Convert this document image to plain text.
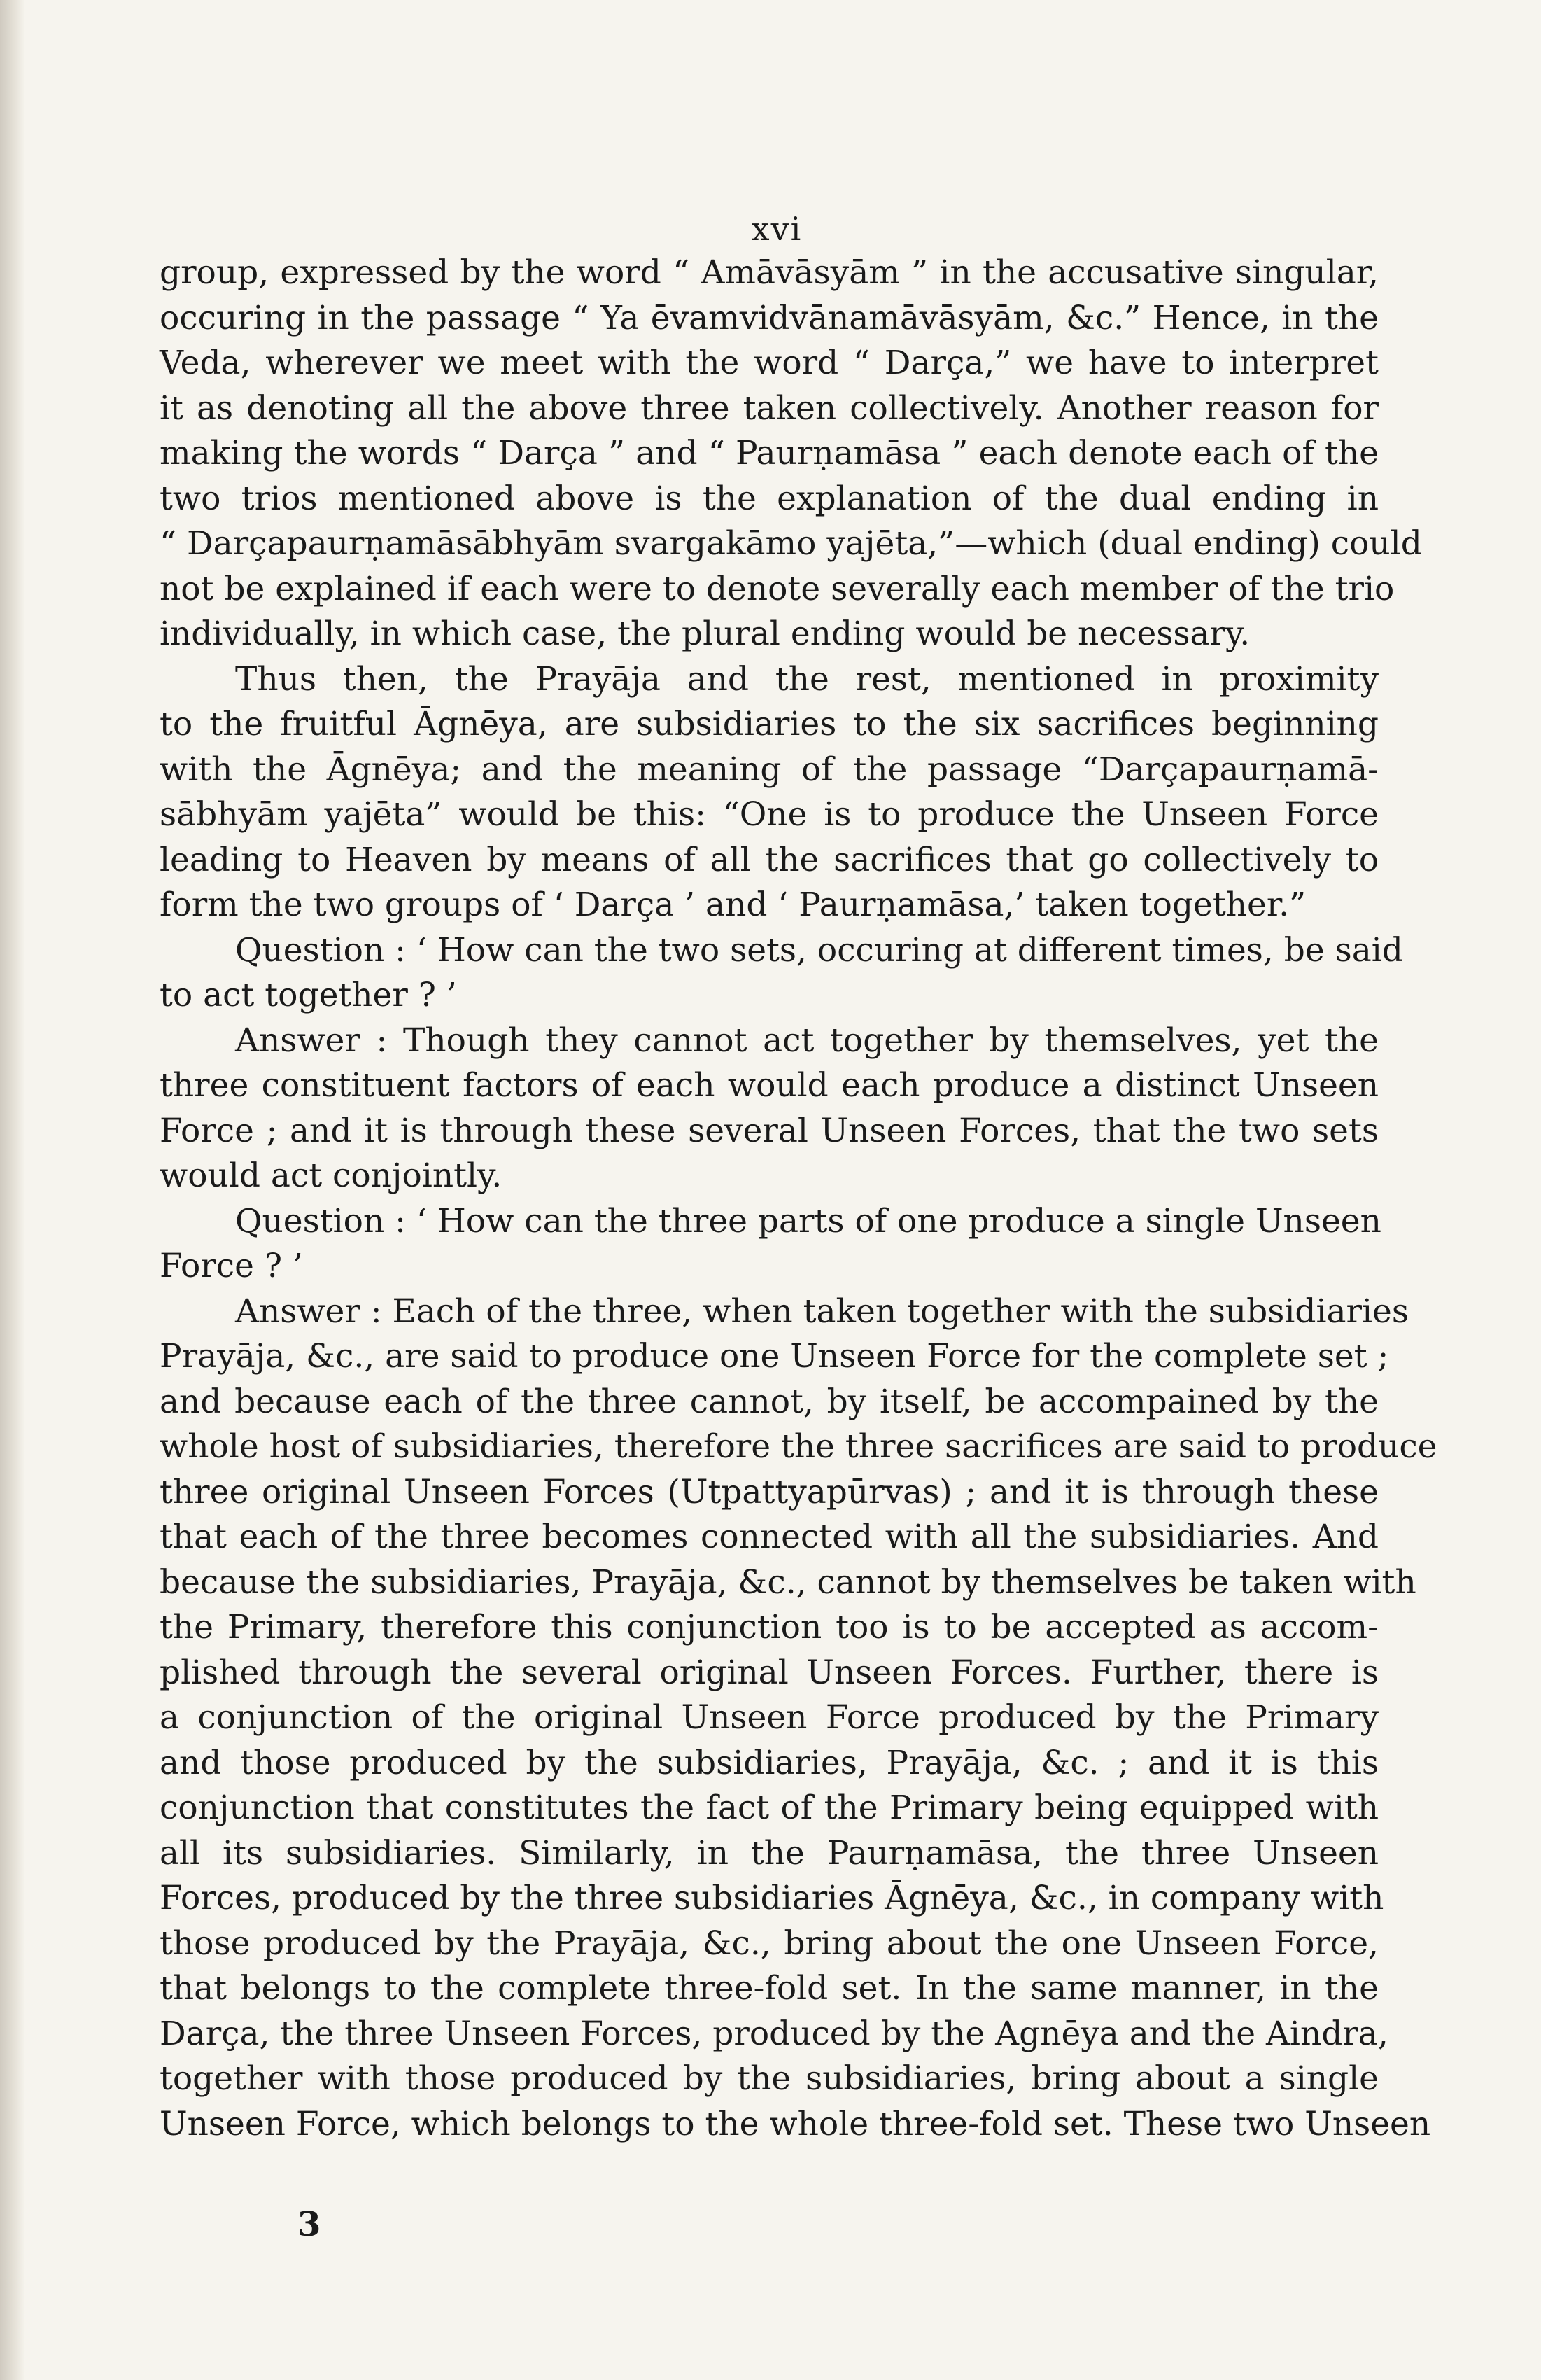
xvi
group, expressed by the word “ Amāvāsyām ” in the accusative singular,
occuring in the passage “ Ya ēvamvidvānamāvāsyām, &c.” Hence, in the
Veda, wherever we meet with the word “ Darça,” we have to interpret
it as denoting all the above three taken collectively. Another reason for
making the words “ Darça ” and “ Paurṇamāsa ” each denote each of the
two trios mentioned above is the explanation of the dual ending in
“ Darçapaurṇamāsābhyām svargakāmo yajēta,”—which (dual ending) could
not be explained if each were to denote severally each member of the trio
individually, in which case, the plural ending would be necessary.
Thus then, the Prayāja and the rest, mentioned in proximity
to the fruitful Āgnēya, are subsidiaries to the six sacrifices beginning
with the Āgnēya; and the meaning of the passage “Darçapaurṇamā-
sābhyām yajēta” would be this: “One is to produce the Unseen Force
leading to Heaven by means of all the sacrifices that go collectively to
form the two groups of ‘ Darça ’ and ‘ Paurṇamāsa,’ taken together.”
Question : ‘ How can the two sets, occuring at different times, be said
to act together ? ’
Answer : Though they cannot act together by themselves, yet the
three constituent factors of each would each produce a distinct Unseen
Force ; and it is through these several Unseen Forces, that the two sets
would act conjointly.
Question : ‘ How can the three parts of one produce a single Unseen
Force ? ’
Answer : Each of the three, when taken together with the subsidiaries
Prayāja, &c., are said to produce one Unseen Force for the complete set ;
and because each of the three cannot, by itself, be accompained by the
whole host of subsidiaries, therefore the three sacrifices are said to produce
three original Unseen Forces (Utpattyapūrvas) ; and it is through these
that each of the three becomes connected with all the subsidiaries. And
because the subsidiaries, Prayāja, &c., cannot by themselves be taken with
the Primary, therefore this conjunction too is to be accepted as accom-
plished through the several original Unseen Forces. Further, there is
a conjunction of the original Unseen Force produced by the Primary
and those produced by the subsidiaries, Prayāja, &c. ; and it is this
conjunction that constitutes the fact of the Primary being equipped with
all its subsidiaries. Similarly, in the Paurṇamāsa, the three Unseen
Forces, produced by the three subsidiaries Āgnēya, &c., in company with
those produced by the Prayāja, &c., bring about the one Unseen Force,
that belongs to the complete three-fold set. In the same manner, in the
Darça, the three Unseen Forces, produced by the Agnēya and the Aindra,
together with those produced by the subsidiaries, bring about a single
Unseen Force, which belongs to the whole three-fold set. These two Unseen
3
